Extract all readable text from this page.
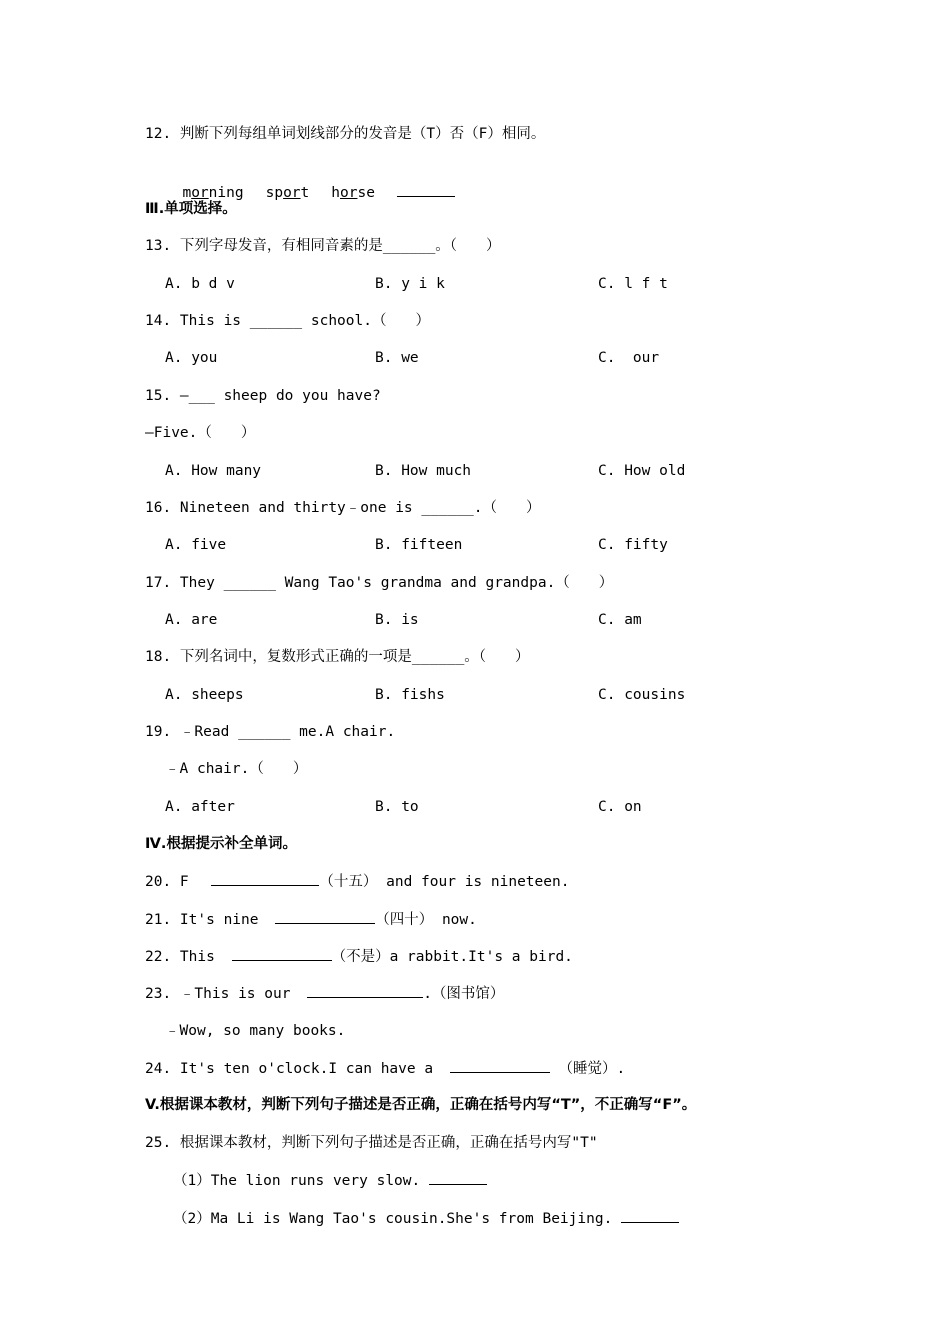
12. 判断下列每组单词划线部分的发音是（T）否（F）相同。

morning sport horse

Ⅲ.单项选择。
13. 下列字母发音，有相同音素的是______。（　　）
A. b d v	B. y i k	C. l f t
14. This is ______ school.（　　）
A. you	B. we	C.  our
15. —___ sheep do you have?
—Five.（　　）
A. How many	B. How much	C. How old
16. Nineteen and thirty﹣one is ______.（　　）
A. five	B. fifteen	C. fifty
17. They ______ Wang Tao's grandma and grandpa.（　　）
A. are	B. is	C. am
18. 下列名词中，复数形式正确的一项是______。（　　）
A. sheeps	B. fishs	C. cousins
19. ﹣Read ______ me.A chair.
﹣A chair.（　　）
A. after	B. to	C. on
Ⅳ.根据提示补全单词。
20. F	（十五） and four is nineteen.
21. It's nine	（四十） now.
22. This	（不是）a rabbit.It's a bird.
23. ﹣This is our	.（图书馆）
﹣Wow, so many books.
24. It's ten o'clock.I can have a	（睡觉）.
V.根据课本教材，判断下列句子描述是否正确，正确在括号内写“T”，不正确写“F”。
25. 根据课本教材，判断下列句子描述是否正确，正确在括号内写"T"
（1）The lion runs very slow.
（2）Ma Li is Wang Tao's cousin.She's from Beijing.
